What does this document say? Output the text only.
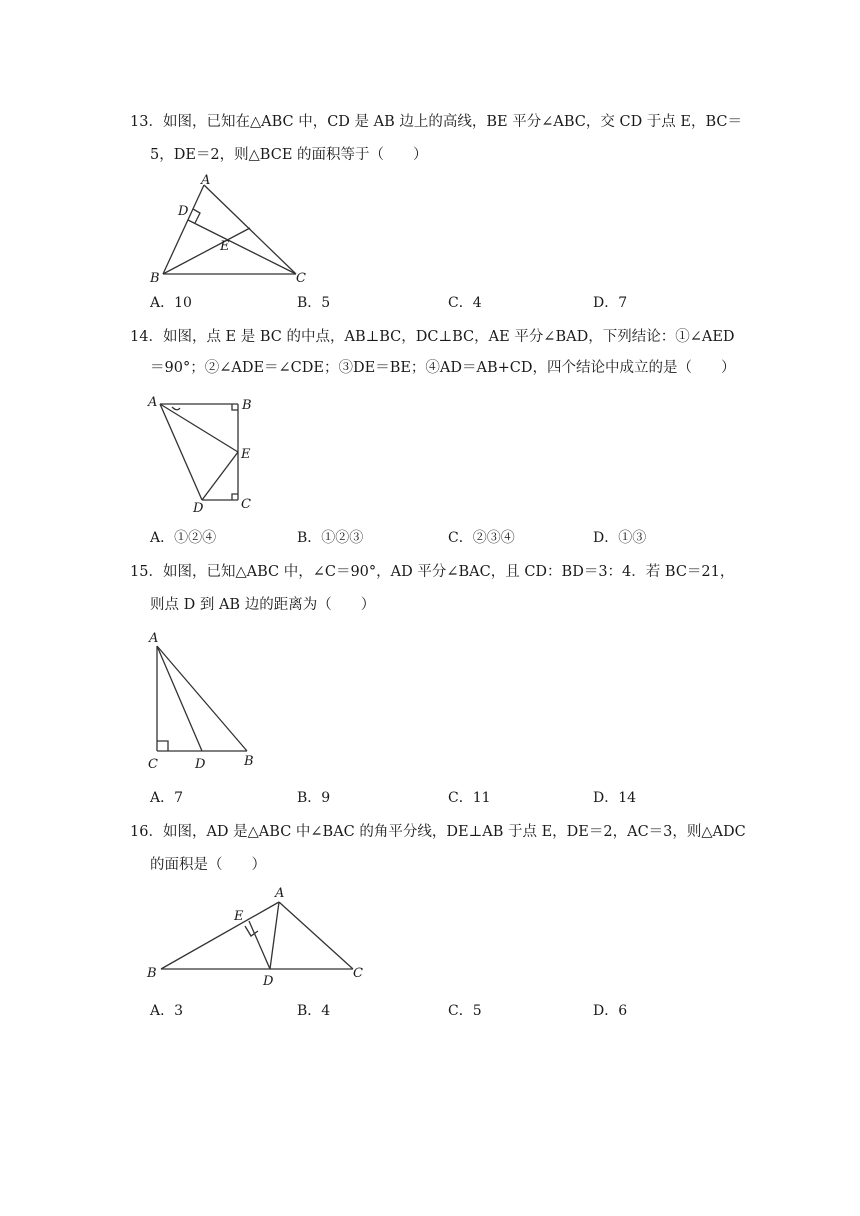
13．如图，已知在△ABC 中，CD 是 AB 边上的高线，BE 平分∠ABC，交 CD 于点 E，BC＝
5，DE＝2，则△BCE 的面积等于（　　）
A
D
E
B	C
A．10	B．5	C．4	D．7
14．如图，点 E 是 BC 的中点，AB⊥BC，DC⊥BC，AE 平分∠BAD，下列结论：①∠AED
＝90°；②∠ADE＝∠CDE；③DE＝BE；④AD＝AB+CD，四个结论中成立的是（　　）
A	B
E
D	C
A．①②④	B．①②③	C．②③④	D．①③
15．如图，已知△ABC 中，∠C＝90°，AD 平分∠BAC，且 CD：BD＝3：4．若 BC＝21，
则点 D 到 AB 边的距离为（　　）
A
C	D	B
A．7	B．9	C．11	D．14
16．如图，AD 是△ABC 中∠BAC 的角平分线，DE⊥AB 于点 E，DE＝2，AC＝3，则△ADC
的面积是（　　）
A
E
B
D
C
A．3	B．4	C．5	D．6
